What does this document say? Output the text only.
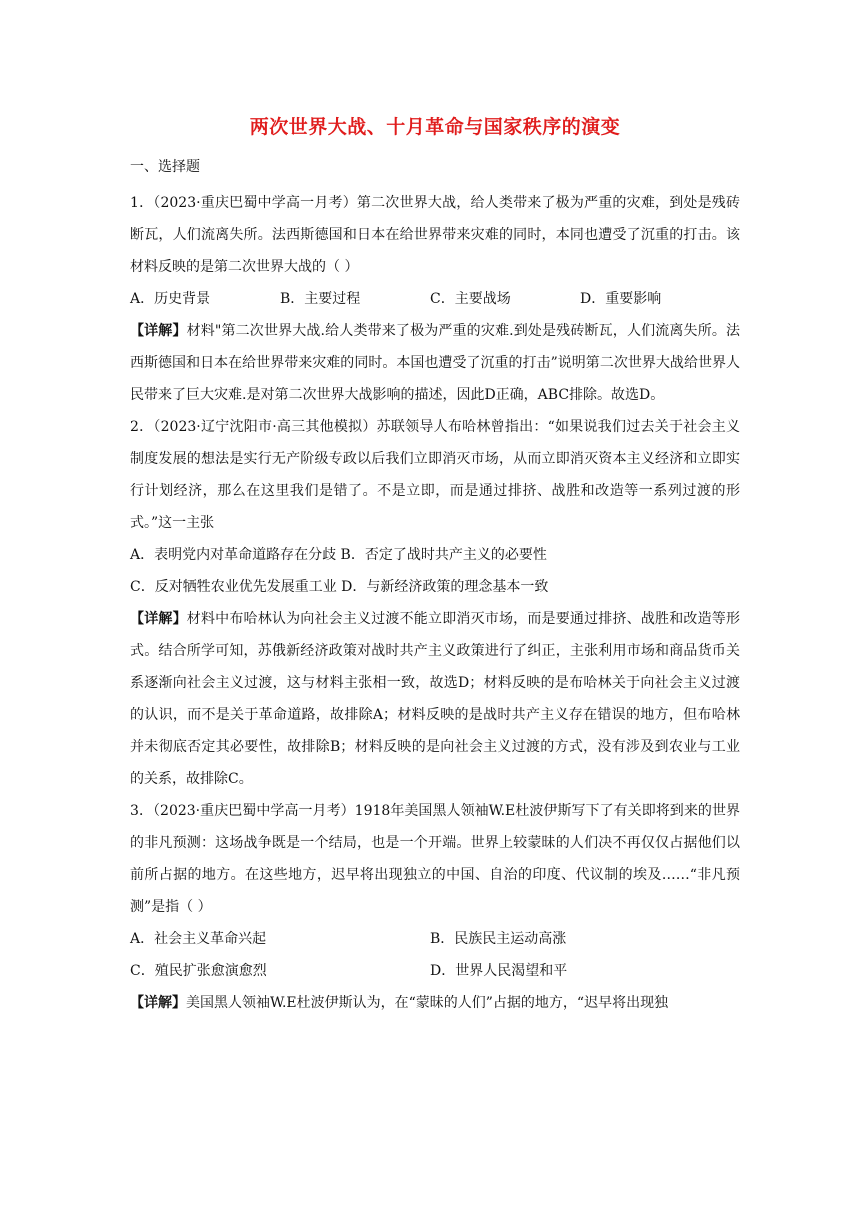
两次世界大战、十月革命与国家秩序的演变
一、选择题

1．（2023·重庆巴蜀中学高一月考）第二次世界大战，给人类带来了极为严重的灾难，到处是残砖断瓦，人们流离失所。法西斯德国和日本在给世界带来灾难的同时，本同也遭受了沉重的打击。该材料反映的是第二次世界大战的（ ）

A．历史背景	B．主要过程	C．主要战场	D．重要影响

【详解】材料"第二次世界大战.给人类带来了极为严重的灾难.到处是残砖断瓦，人们流离失所。法西斯德国和日本在给世界带来灾难的同时。本国也遭受了沉重的打击”说明第二次世界大战给世界人民带来了巨大灾难.是对第二次世界大战影响的描述，因此D正确，ABC排除。故选D。

2．（2023·辽宁沈阳市·高三其他模拟）苏联领导人布哈林曾指出：“如果说我们过去关于社会主义制度发展的想法是实行无产阶级专政以后我们立即消灭市场，从而立即消灭资本主义经济和立即实行计划经济，那么在这里我们是错了。不是立即，而是通过排挤、战胜和改造等一系列过渡的形式。”这一主张

A．表明党内对革命道路存在分歧 B．否定了战时共产主义的必要性
C．反对牺牲农业优先发展重工业 D．与新经济政策的理念基本一致

【详解】材料中布哈林认为向社会主义过渡不能立即消灭市场，而是要通过排挤、战胜和改造等形式。结合所学可知，苏俄新经济政策对战时共产主义政策进行了纠正，主张利用市场和商品货币关系逐渐向社会主义过渡，这与材料主张相一致，故选D；材料反映的是布哈林关于向社会主义过渡的认识，而不是关于革命道路，故排除A；材料反映的是战时共产主义存在错误的地方，但布哈林并未彻底否定其必要性，故排除B；材料反映的是向社会主义过渡的方式，没有涉及到农业与工业的关系，故排除C。

3．（2023·重庆巴蜀中学高一月考）1918年美国黑人领袖W.E杜波伊斯写下了有关即将到来的世界的非凡预测：这场战争既是一个结局，也是一个开端。世界上较蒙昧的人们决不再仅仅占据他们以前所占据的地方。在这些地方，迟早将出现独立的中国、自治的印度、代议制的埃及……“非凡预测”是指（ ）

A．社会主义革命兴起	B．民族民主运动高涨
C．殖民扩张愈演愈烈	D．世界人民渴望和平

【详解】美国黑人领袖W.E杜波伊斯认为，在“蒙昧的人们”占据的地方，“迟早将出现独
